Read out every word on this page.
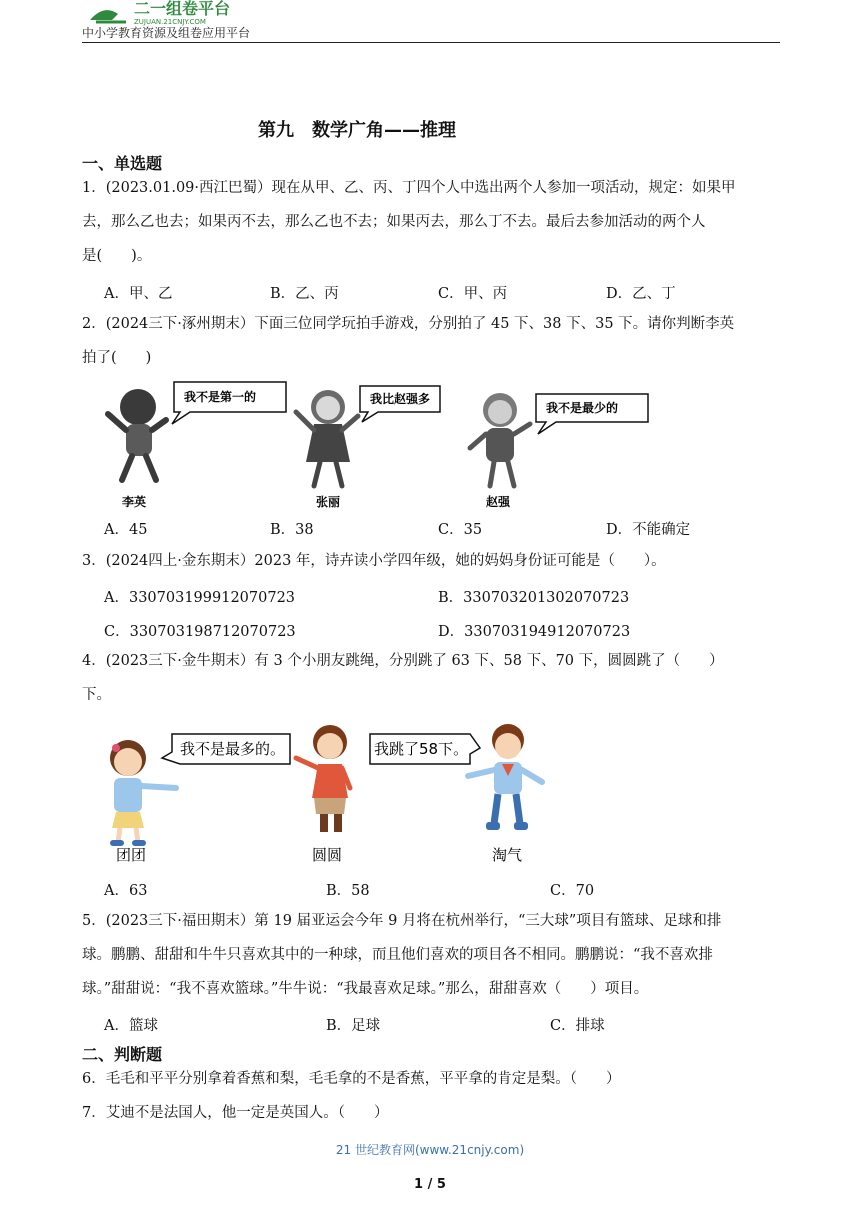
二一组卷平台
ZUJUAN.21CNJY.COM
中小学教育资源及组卷应用平台
第九　数学广角——推理
一、单选题
1．(2023.01.09·西江巴蜀）现在从甲、乙、丙、丁四个人中选出两个人参加一项活动，规定：如果甲
去，那么乙也去；如果丙不去，那么乙也不去；如果丙去，那么丁不去。最后去参加活动的两个人
是(　　)。
A．甲、乙	B．乙、丙	C．甲、丙	D．乙、丁
2．(2024三下·涿州期末）下面三位同学玩拍手游戏，分别拍了 45 下、38 下、35 下。请你判断李英
拍了(　　)
我不是第一的
李英
我比赵强多
张丽
我不是最少的
赵强
A．45	B．38	C．35	D．不能确定
3．(2024四上·金东期末）2023 年，诗卉读小学四年级，她的妈妈身份证可能是（　　）。
A．330703199912070723	B．330703201302070723
C．330703198712070723	D．330703194912070723
4．(2023三下·金牛期末）有 3 个小朋友跳绳，分别跳了 63 下、58 下、70 下，圆圆跳了（　　）
下。
我不是最多的。
团团	圆圆
我跳了58下。
淘气
A．63	B．58	C．70
5．(2023三下·福田期末）第 19 届亚运会今年 9 月将在杭州举行，“三大球”项目有篮球、足球和排
球。鹏鹏、甜甜和牛牛只喜欢其中的一种球，而且他们喜欢的项目各不相同。鹏鹏说：“我不喜欢排
球。”甜甜说：“我不喜欢篮球。”牛牛说：“我最喜欢足球。”那么，甜甜喜欢（　　）项目。
A．篮球	B．足球	C．排球
二、判断题
6．毛毛和平平分别拿着香蕉和梨，毛毛拿的不是香蕉，平平拿的肯定是梨。（　　）
7．艾迪不是法国人，他一定是英国人。（　　）
21 世纪教育网(www.21cnjy.com)
1 / 5
